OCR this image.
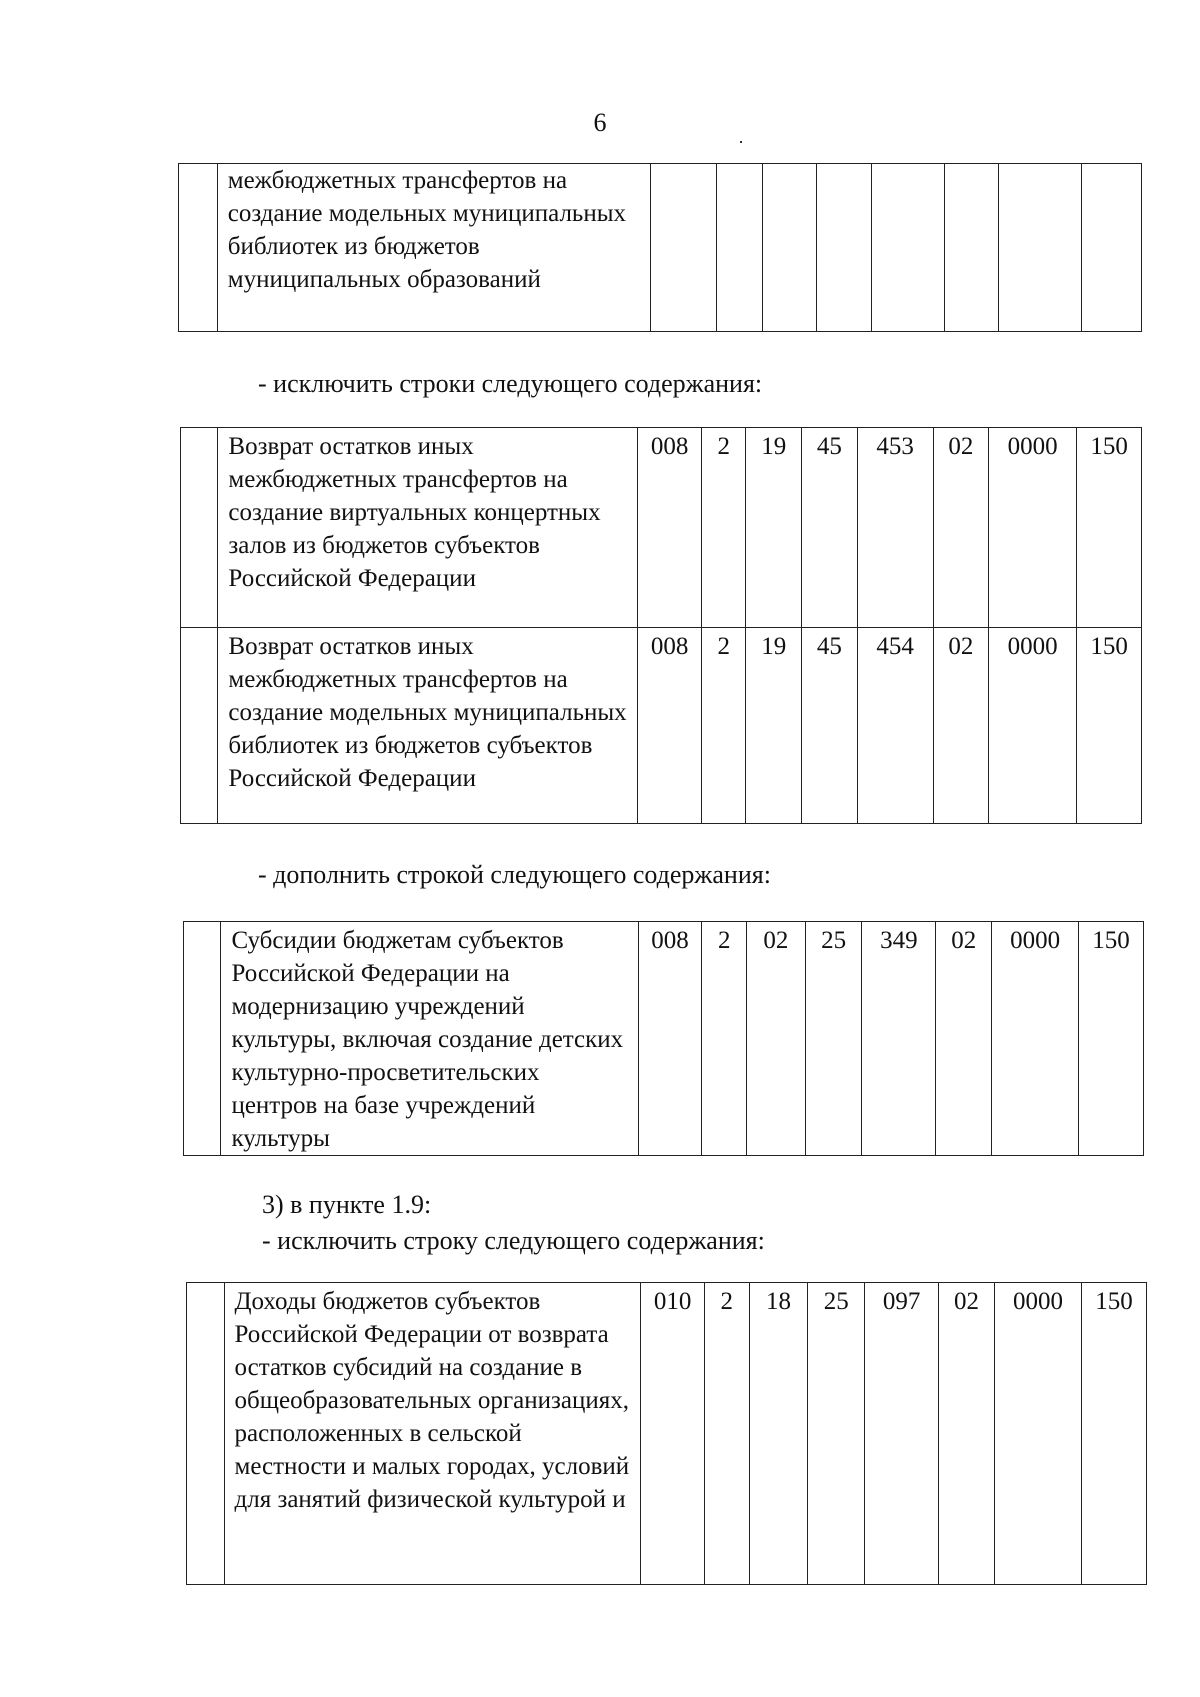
6
	межбюджетных трансфертов на создание модельных муниципальных библиотек из бюджетов муниципальных образований								
- исключить строки следующего содержания:
	Возврат остатков иных межбюджетных трансфертов на создание виртуальных концертных залов из бюджетов субъектов Российской Федерации	008	2	19	45	453	02	0000	150
	Возврат остатков иных межбюджетных трансфертов на создание модельных муниципальных библиотек из бюджетов субъектов Российской Федерации	008	2	19	45	454	02	0000	150
- дополнить строкой следующего содержания:
	Субсидии бюджетам субъектов Российской Федерации на модернизацию учреждений культуры, включая создание детских культурно-просветительских центров на базе учреждений культуры	008	2	02	25	349	02	0000	150
3) в пункте 1.9:
- исключить строку следующего содержания:
	Доходы бюджетов субъектов Российской Федерации от возврата остатков субсидий на создание в общеобразовательных организациях, расположенных в сельской местности и малых городах, условий для занятий физической культурой и	010	2	18	25	097	02	0000	150
